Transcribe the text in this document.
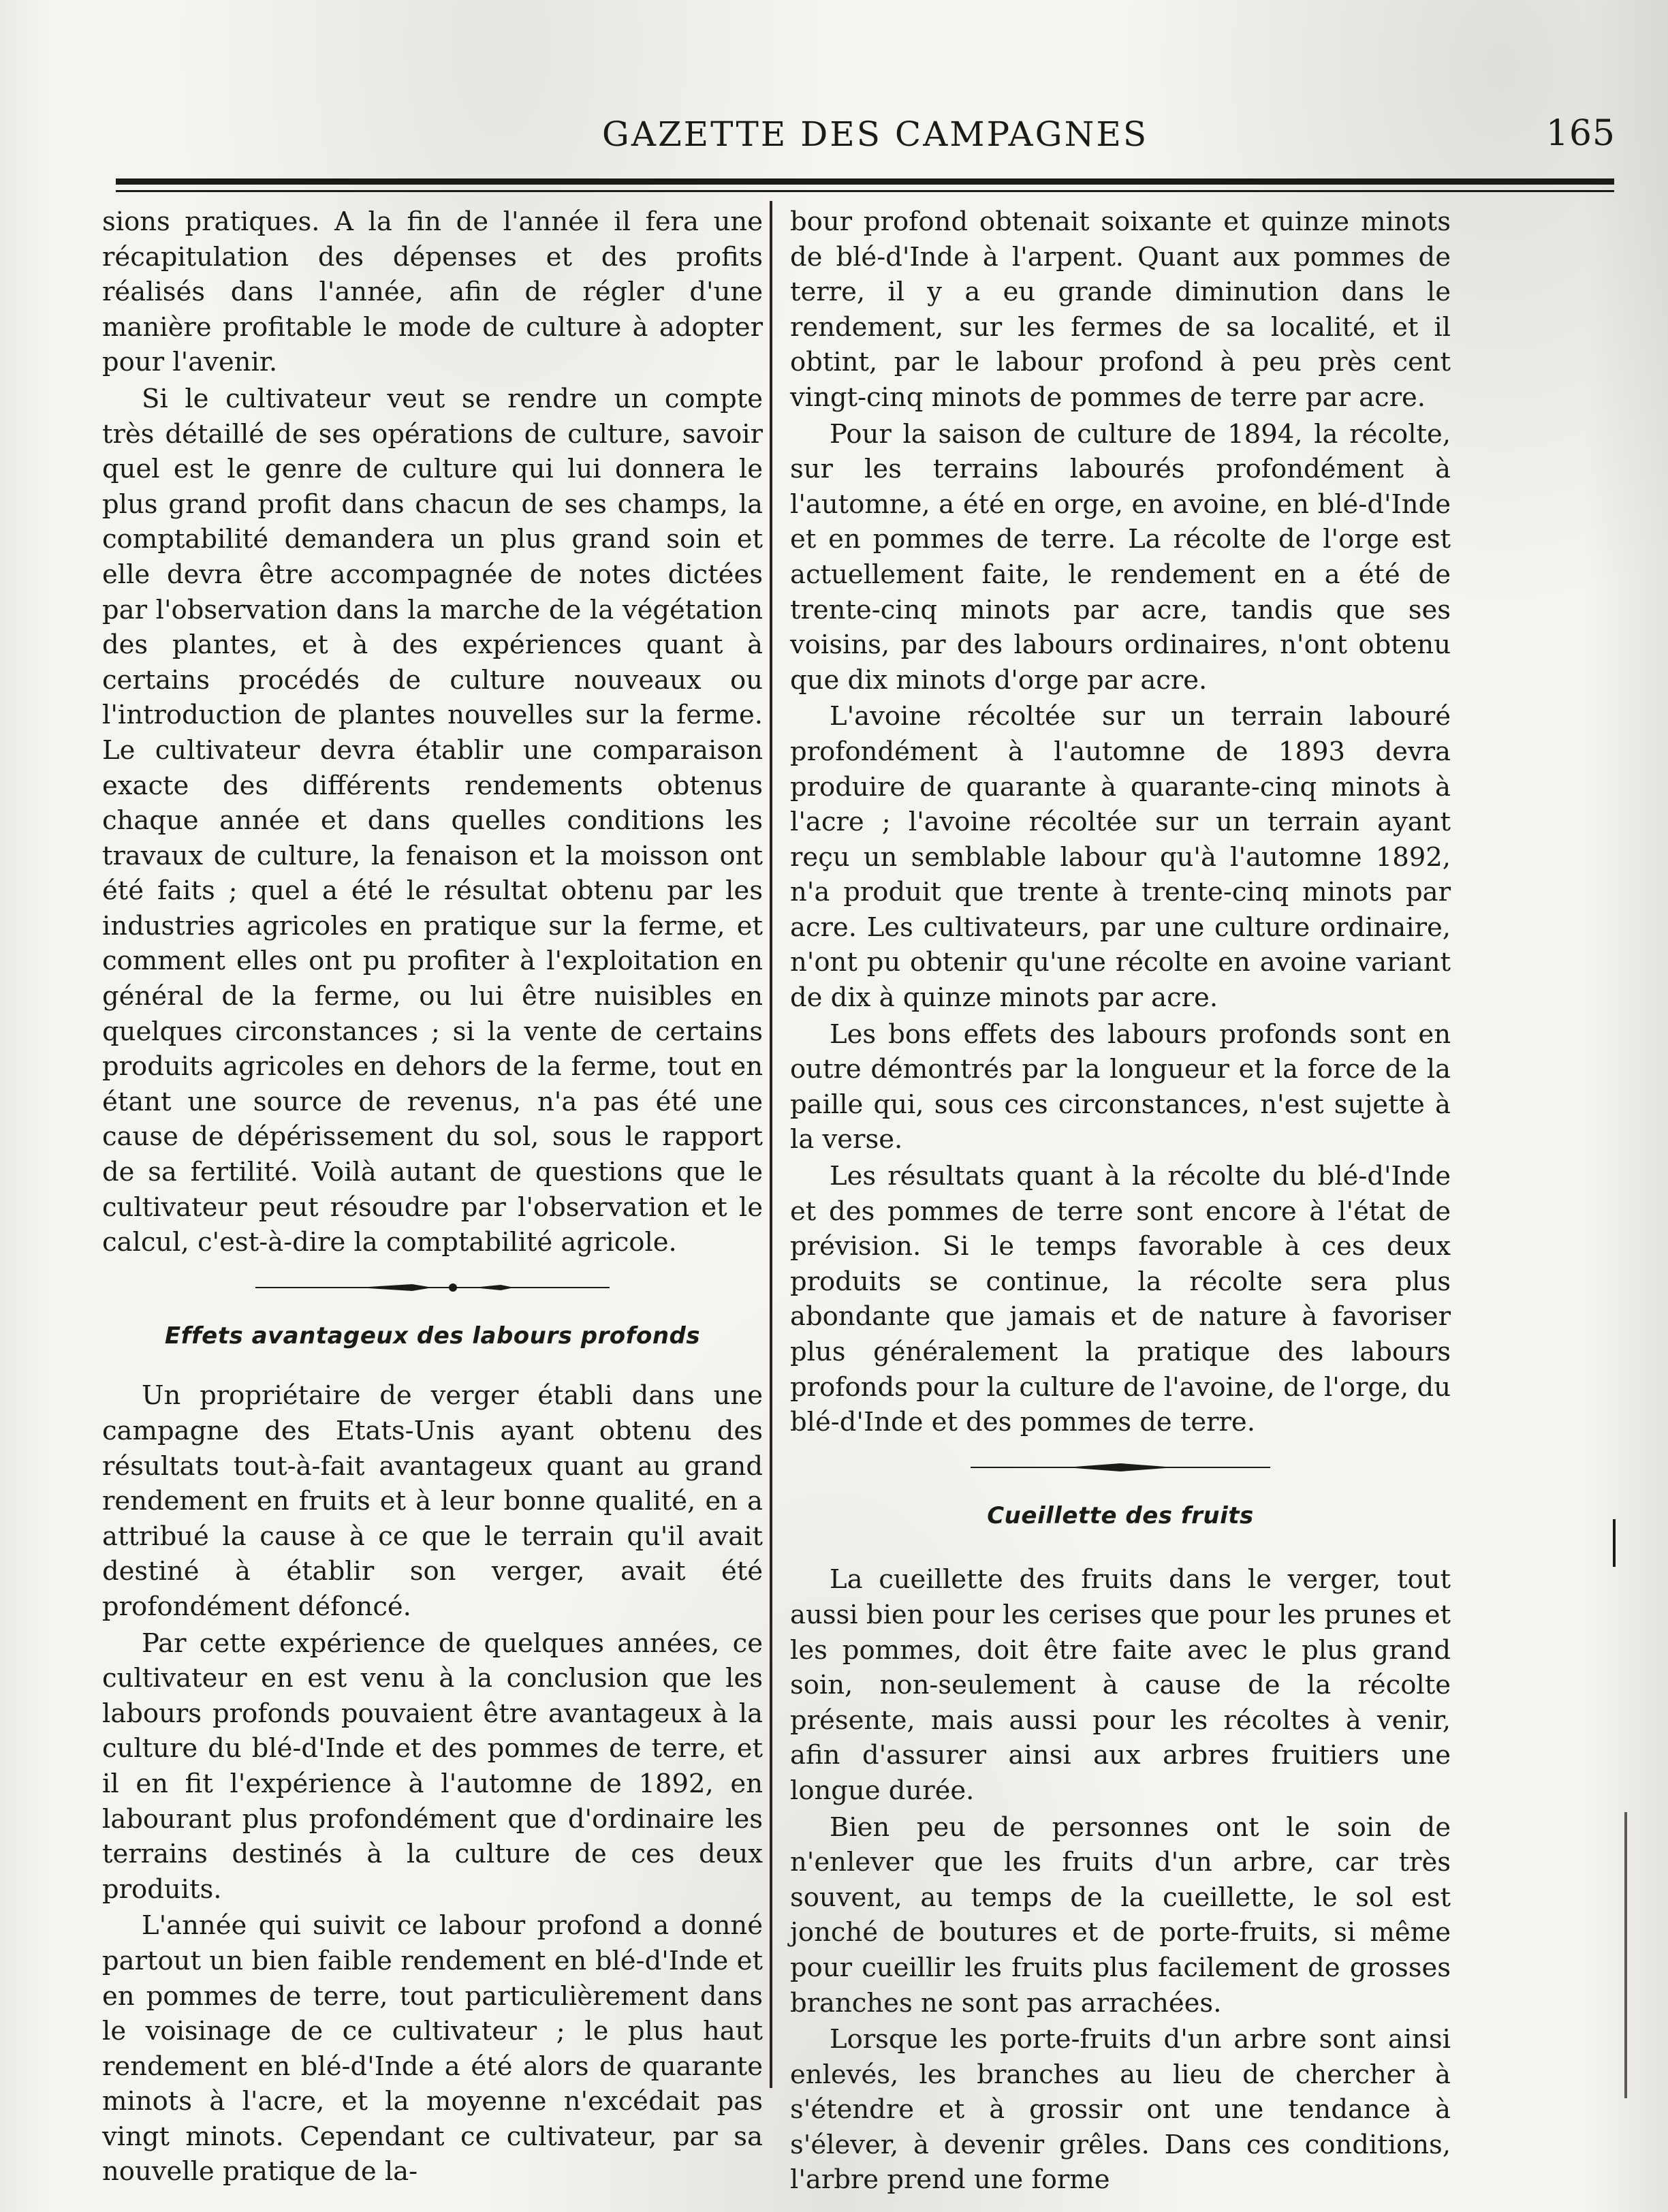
GAZETTE DES CAMPAGNES	165

sions pratiques. A la fin de l'année il fera une récapitulation des dépenses et des profits réalisés dans l'année, afin de régler d'une manière profitable le mode de culture à adopter pour l'avenir.

Si le cultivateur veut se rendre un compte très détaillé de ses opérations de culture, savoir quel est le genre de culture qui lui donnera le plus grand profit dans chacun de ses champs, la comptabilité demandera un plus grand soin et elle devra être accompagnée de notes dictées par l'observation dans la marche de la végétation des plantes, et à des expériences quant à certains procédés de culture nouveaux ou l'introduction de plantes nouvelles sur la ferme. Le cultivateur devra établir une comparaison exacte des différents rendements obtenus chaque année et dans quelles conditions les travaux de culture, la fenaison et la moisson ont été faits ; quel a été le résultat obtenu par les industries agricoles en pratique sur la ferme, et comment elles ont pu profiter à l'exploitation en général de la ferme, ou lui être nuisibles en quelques circonstances ; si la vente de certains produits agricoles en dehors de la ferme, tout en étant une source de revenus, n'a pas été une cause de dépérissement du sol, sous le rapport de sa fertilité. Voilà autant de questions que le cultivateur peut résoudre par l'observation et le calcul, c'est-à-dire la comptabilité agricole.

Effets avantageux des labours profonds

Un propriétaire de verger établi dans une campagne des Etats-Unis ayant obtenu des résultats tout-à-fait avantageux quant au grand rendement en fruits et à leur bonne qualité, en a attribué la cause à ce que le terrain qu'il avait destiné à établir son verger, avait été profondément défoncé.

Par cette expérience de quelques années, ce cultivateur en est venu à la conclusion que les labours profonds pouvaient être avantageux à la culture du blé-d'Inde et des pommes de terre, et il en fit l'expérience à l'automne de 1892, en labourant plus profondément que d'ordinaire les terrains destinés à la culture de ces deux produits.

L'année qui suivit ce labour profond a donné partout un bien faible rendement en blé-d'Inde et en pommes de terre, tout particulièrement dans le voisinage de ce cultivateur ; le plus haut rendement en blé-d'Inde a été alors de quarante minots à l'acre, et la moyenne n'excédait pas vingt minots. Cependant ce cultivateur, par sa nouvelle pratique de la-

bour profond obtenait soixante et quinze minots de blé-d'Inde à l'arpent. Quant aux pommes de terre, il y a eu grande diminution dans le rendement, sur les fermes de sa localité, et il obtint, par le labour profond à peu près cent vingt-cinq minots de pommes de terre par acre.

Pour la saison de culture de 1894, la récolte, sur les terrains labourés profondément à l'automne, a été en orge, en avoine, en blé-d'Inde et en pommes de terre. La récolte de l'orge est actuellement faite, le rendement en a été de trente-cinq minots par acre, tandis que ses voisins, par des labours ordinaires, n'ont obtenu que dix minots d'orge par acre.

L'avoine récoltée sur un terrain labouré profondément à l'automne de 1893 devra produire de quarante à quarante-cinq minots à l'acre ; l'avoine récoltée sur un terrain ayant reçu un semblable labour qu'à l'automne 1892, n'a produit que trente à trente-cinq minots par acre. Les cultivateurs, par une culture ordinaire, n'ont pu obtenir qu'une récolte en avoine variant de dix à quinze minots par acre.

Les bons effets des labours profonds sont en outre démontrés par la longueur et la force de la paille qui, sous ces circonstances, n'est sujette à la verse.

Les résultats quant à la récolte du blé-d'Inde et des pommes de terre sont encore à l'état de prévision. Si le temps favorable à ces deux produits se continue, la récolte sera plus abondante que jamais et de nature à favoriser plus généralement la pratique des labours profonds pour la culture de l'avoine, de l'orge, du blé-d'Inde et des pommes de terre.

Cueillette des fruits

La cueillette des fruits dans le verger, tout aussi bien pour les cerises que pour les prunes et les pommes, doit être faite avec le plus grand soin, non-seulement à cause de la récolte présente, mais aussi pour les récoltes à venir, afin d'assurer ainsi aux arbres fruitiers une longue durée.

Bien peu de personnes ont le soin de n'enlever que les fruits d'un arbre, car très souvent, au temps de la cueillette, le sol est jonché de boutures et de porte-fruits, si même pour cueillir les fruits plus facilement de grosses branches ne sont pas arrachées.

Lorsque les porte-fruits d'un arbre sont ainsi enlevés, les branches au lieu de chercher à s'étendre et à grossir ont une tendance à s'élever, à devenir grêles. Dans ces conditions, l'arbre prend une forme
